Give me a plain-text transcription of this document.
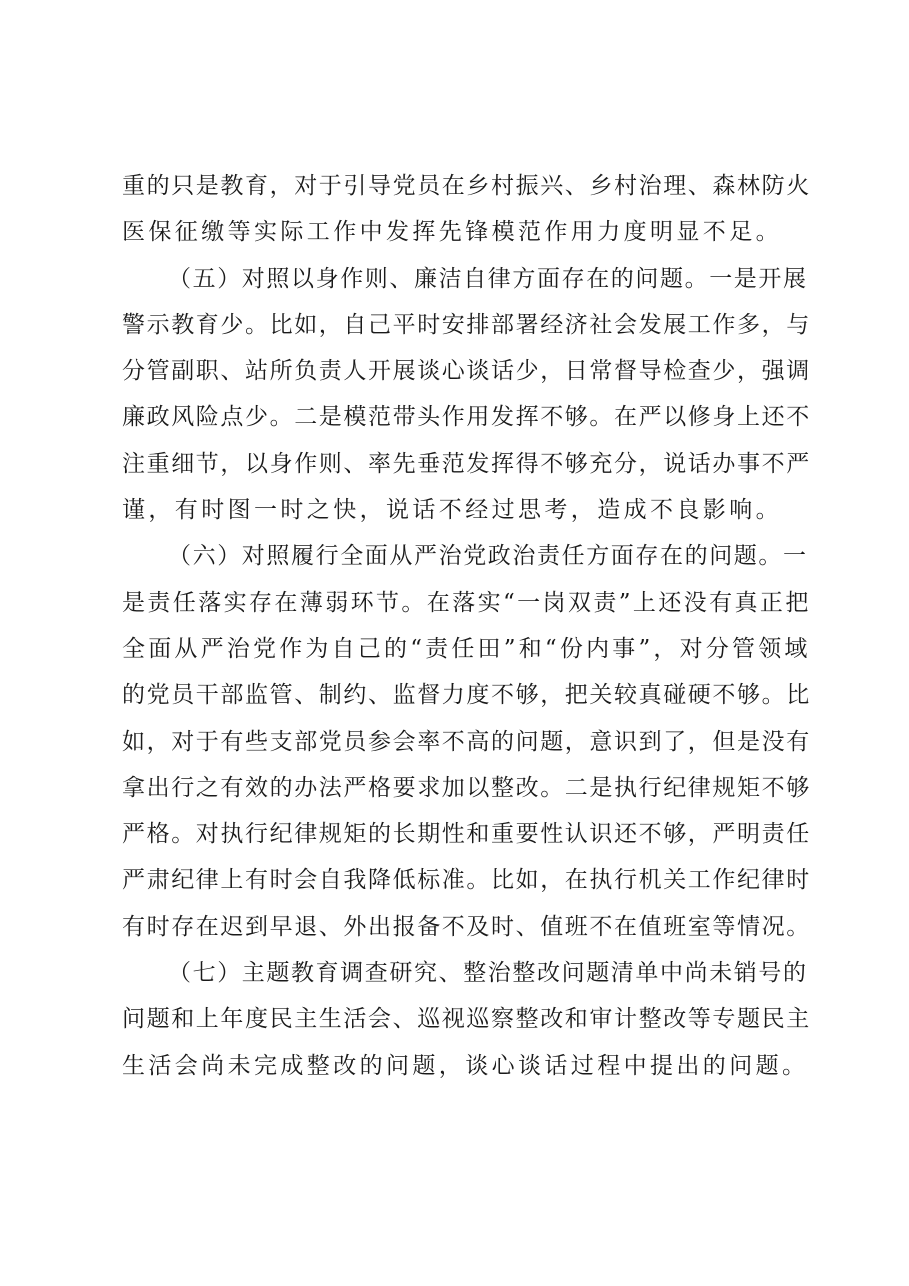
重的只是教育，对于引导党员在乡村振兴、乡村治理、森林防火
医保征缴等实际工作中发挥先锋模范作用力度明显不足。
（五）对照以身作则、廉洁自律方面存在的问题。一是开展
警示教育少。比如，自己平时安排部署经济社会发展工作多，与
分管副职、站所负责人开展谈心谈话少，日常督导检查少，强调
廉政风险点少。二是模范带头作用发挥不够。在严以修身上还不
注重细节，以身作则、率先垂范发挥得不够充分，说话办事不严
谨，有时图一时之快，说话不经过思考，造成不良影响。
（六）对照履行全面从严治党政治责任方面存在的问题。一
是责任落实存在薄弱环节。在落实“一岗双责”上还没有真正把
全面从严治党作为自己的“责任田”和“份内事”，对分管领域
的党员干部监管、制约、监督力度不够，把关较真碰硬不够。比
如，对于有些支部党员参会率不高的问题，意识到了，但是没有
拿出行之有效的办法严格要求加以整改。二是执行纪律规矩不够
严格。对执行纪律规矩的长期性和重要性认识还不够，严明责任
严肃纪律上有时会自我降低标准。比如，在执行机关工作纪律时
有时存在迟到早退、外出报备不及时、值班不在值班室等情况。
（七）主题教育调查研究、整治整改问题清单中尚未销号的
问题和上年度民主生活会、巡视巡察整改和审计整改等专题民主
生活会尚未完成整改的问题，谈心谈话过程中提出的问题。
